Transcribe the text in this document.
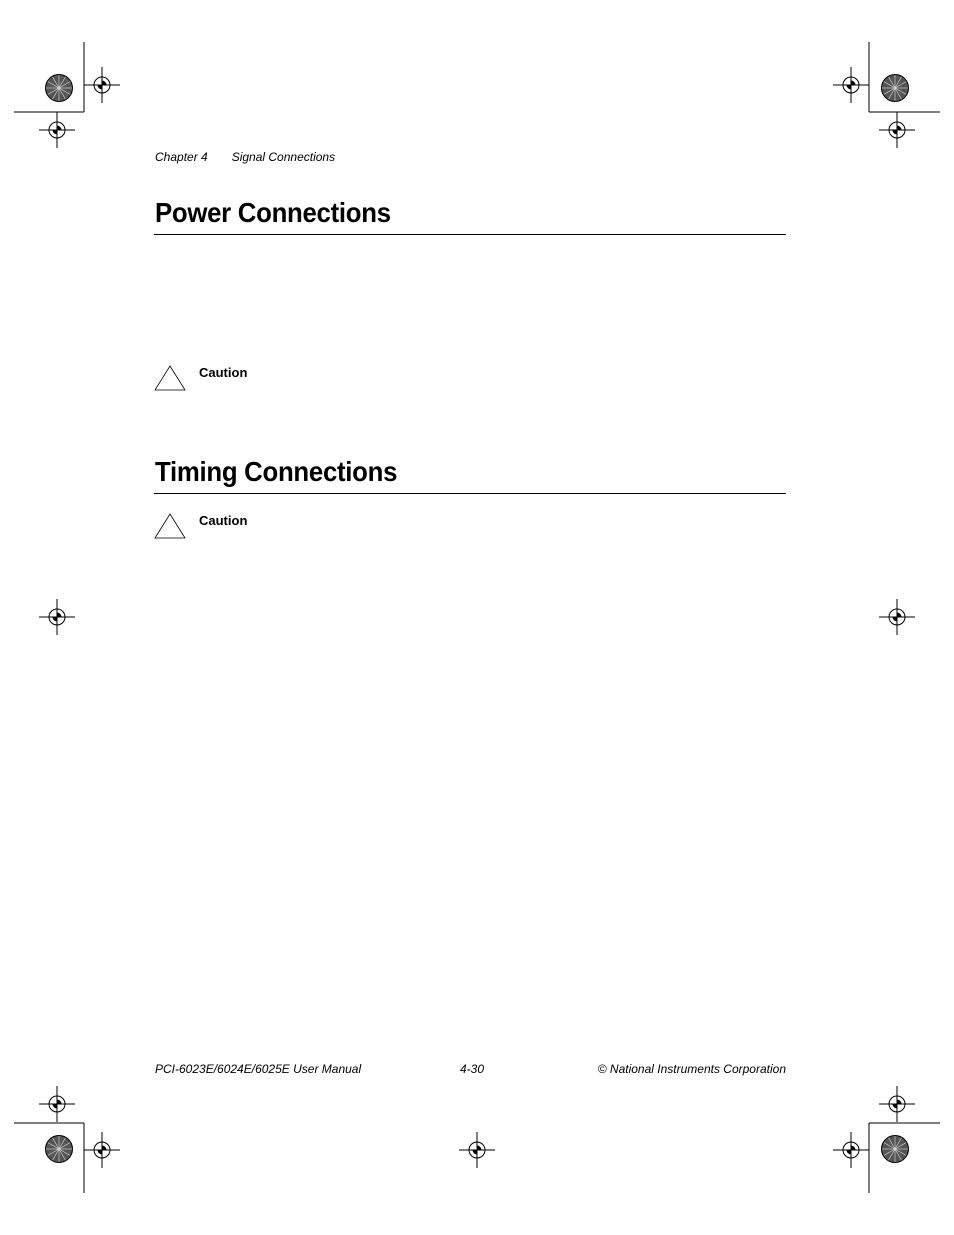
Chapter 4 Signal Connections
Power Connections
Caution
Timing Connections
Caution
PCI-6023E/6024E/6025E User Manual	4-30	© National Instruments Corporation
